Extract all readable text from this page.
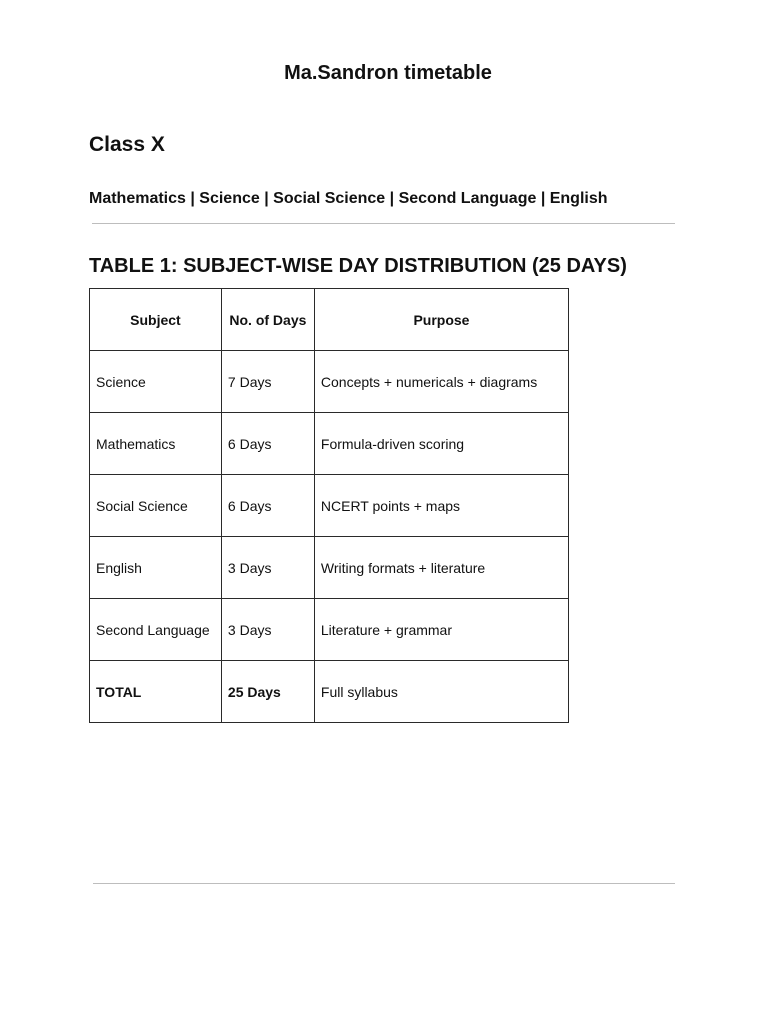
Ma.Sandron timetable
Class X

Mathematics | Science | Social Science | Second Language | English

TABLE 1: SUBJECT-WISE DAY DISTRIBUTION (25 DAYS)
Subject	No. of Days	Purpose
Science	7 Days	Concepts + numericals + diagrams
Mathematics	6 Days	Formula-driven scoring
Social Science	6 Days	NCERT points + maps
English	3 Days	Writing formats + literature
Second Language	3 Days	Literature + grammar
TOTAL	25 Days	Full syllabus
